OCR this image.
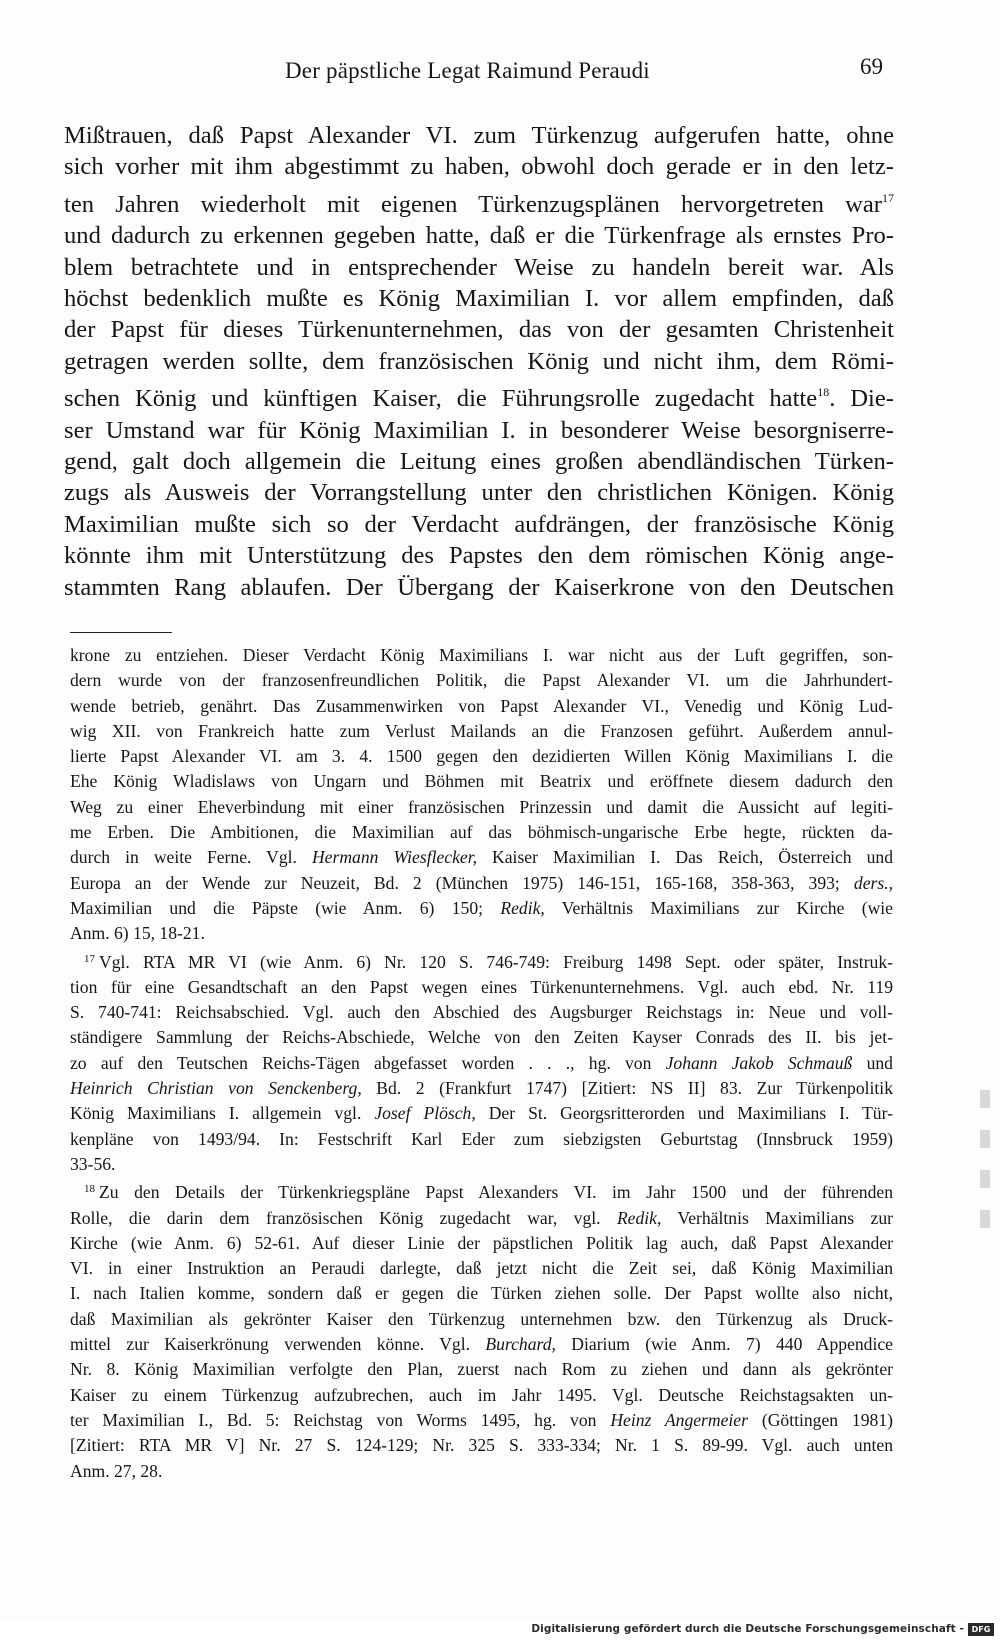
Der päpstliche Legat Raimund Peraudi	69
Mißtrauen, daß Papst Alexander VI. zum Türkenzug aufgerufen hatte, ohne
sich vorher mit ihm abgestimmt zu haben, obwohl doch gerade er in den letz-
ten Jahren wiederholt mit eigenen Türkenzugsplänen hervorgetreten war$^{17}$
und dadurch zu erkennen gegeben hatte, daß er die Türkenfrage als ernstes Pro-
blem betrachtete und in entsprechender Weise zu handeln bereit war. Als
höchst bedenklich mußte es König Maximilian I. vor allem empfinden, daß
der Papst für dieses Türkenunternehmen, das von der gesamten Christenheit
getragen werden sollte, dem französischen König und nicht ihm, dem Römi-
schen König und künftigen Kaiser, die Führungsrolle zugedacht hatte$^{18}$. Die-
ser Umstand war für König Maximilian I. in besonderer Weise besorgniserre-
gend, galt doch allgemein die Leitung eines großen abendländischen Türken-
zugs als Ausweis der Vorrangstellung unter den christlichen Königen. König
Maximilian mußte sich so der Verdacht aufdrängen, der französische König
könnte ihm mit Unterstützung des Papstes den dem römischen König ange-
stammten Rang ablaufen. Der Übergang der Kaiserkrone von den Deutschen
krone zu entziehen. Dieser Verdacht König Maximilians I. war nicht aus der Luft gegriffen, son-
dern wurde von der franzosenfreundlichen Politik, die Papst Alexander VI. um die Jahrhundert-
wende betrieb, genährt. Das Zusammenwirken von Papst Alexander VI., Venedig und König Lud-
wig XII. von Frankreich hatte zum Verlust Mailands an die Franzosen geführt. Außerdem annul-
lierte Papst Alexander VI. am 3. 4. 1500 gegen den dezidierten Willen König Maximilians I. die
Ehe König Wladislaws von Ungarn und Böhmen mit Beatrix und eröffnete diesem dadurch den
Weg zu einer Eheverbindung mit einer französischen Prinzessin und damit die Aussicht auf legiti-
me Erben. Die Ambitionen, die Maximilian auf das böhmisch-ungarische Erbe hegte, rückten da-
durch in weite Ferne. Vgl. Hermann Wiesflecker, Kaiser Maximilian I. Das Reich, Österreich und
Europa an der Wende zur Neuzeit, Bd. 2 (München 1975) 146-151, 165-168, 358-363, 393; ders.,
Maximilian und die Päpste (wie Anm. 6) 150; Redik, Verhältnis Maximilians zur Kirche (wie
Anm. 6) 15, 18-21.
$^{17}$ Vgl. RTA MR VI (wie Anm. 6) Nr. 120 S. 746-749: Freiburg 1498 Sept. oder später, Instruk-
tion für eine Gesandtschaft an den Papst wegen eines Türkenunternehmens. Vgl. auch ebd. Nr. 119
S. 740-741: Reichsabschied. Vgl. auch den Abschied des Augsburger Reichstags in: Neue und voll-
ständigere Sammlung der Reichs-Abschiede, Welche von den Zeiten Kayser Conrads des II. bis jet-
zo auf den Teutschen Reichs-Tägen abgefasset worden . . ., hg. von Johann Jakob Schmauß und
Heinrich Christian von Senckenberg, Bd. 2 (Frankfurt 1747) [Zitiert: NS II] 83. Zur Türkenpolitik
König Maximilians I. allgemein vgl. Josef Plösch, Der St. Georgsritterorden und Maximilians I. Tür-
kenpläne von 1493/94. In: Festschrift Karl Eder zum siebzigsten Geburtstag (Innsbruck 1959)
33-56.
$^{18}$ Zu den Details der Türkenkriegspläne Papst Alexanders VI. im Jahr 1500 und der führenden
Rolle, die darin dem französischen König zugedacht war, vgl. Redik, Verhältnis Maximilians zur
Kirche (wie Anm. 6) 52-61. Auf dieser Linie der päpstlichen Politik lag auch, daß Papst Alexander
VI. in einer Instruktion an Peraudi darlegte, daß jetzt nicht die Zeit sei, daß König Maximilian
I. nach Italien komme, sondern daß er gegen die Türken ziehen solle. Der Papst wollte also nicht,
daß Maximilian als gekrönter Kaiser den Türkenzug unternehmen bzw. den Türkenzug als Druck-
mittel zur Kaiserkrönung verwenden könne. Vgl. Burchard, Diarium (wie Anm. 7) 440 Appendice
Nr. 8. König Maximilian verfolgte den Plan, zuerst nach Rom zu ziehen und dann als gekrönter
Kaiser zu einem Türkenzug aufzubrechen, auch im Jahr 1495. Vgl. Deutsche Reichstagsakten un-
ter Maximilian I., Bd. 5: Reichstag von Worms 1495, hg. von Heinz Angermeier (Göttingen 1981)
[Zitiert: RTA MR V] Nr. 27 S. 124-129; Nr. 325 S. 333-334; Nr. 1 S. 89-99. Vgl. auch unten
Anm. 27, 28.
Digitalisierung gefördert durch die Deutsche Forschungsgemeinschaft - DFG
